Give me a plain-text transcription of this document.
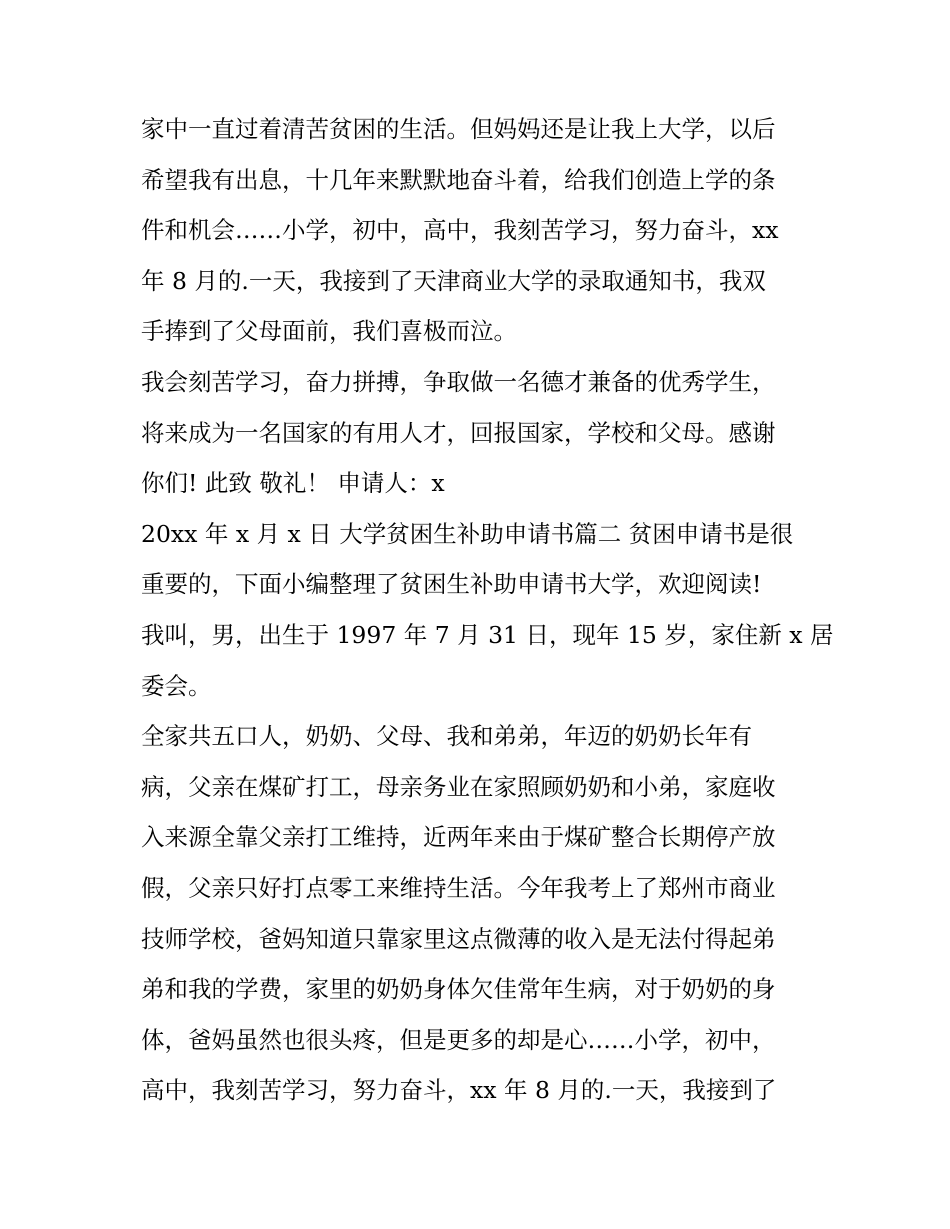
家中一直过着清苦贫困的生活。但妈妈还是让我上大学，以后
希望我有出息，十几年来默默地奋斗着，给我们创造上学的条
件和机会……小学，初中，高中，我刻苦学习，努力奋斗，xx
年 8 月的.一天，我接到了天津商业大学的录取通知书，我双
手捧到了父母面前，我们喜极而泣。
我会刻苦学习，奋力拼搏，争取做一名德才兼备的优秀学生，
将来成为一名国家的有用人才，回报国家，学校和父母。感谢
你们! 此致 敬礼！ 申请人：x
20xx 年 x 月 x 日 大学贫困生补助申请书篇二 贫困申请书是很
重要的，下面小编整理了贫困生补助申请书大学，欢迎阅读!
我叫，男，出生于 1997 年 7 月 31 日，现年 15 岁，家住新 x 居
委会。
全家共五口人，奶奶、父母、我和弟弟，年迈的奶奶长年有
病，父亲在煤矿打工，母亲务业在家照顾奶奶和小弟，家庭收
入来源全靠父亲打工维持，近两年来由于煤矿整合长期停产放
假，父亲只好打点零工来维持生活。今年我考上了郑州市商业
技师学校，爸妈知道只靠家里这点微薄的收入是无法付得起弟
弟和我的学费，家里的奶奶身体欠佳常年生病，对于奶奶的身
体，爸妈虽然也很头疼，但是更多的却是心……小学，初中，
高中，我刻苦学习，努力奋斗，xx 年 8 月的.一天，我接到了
